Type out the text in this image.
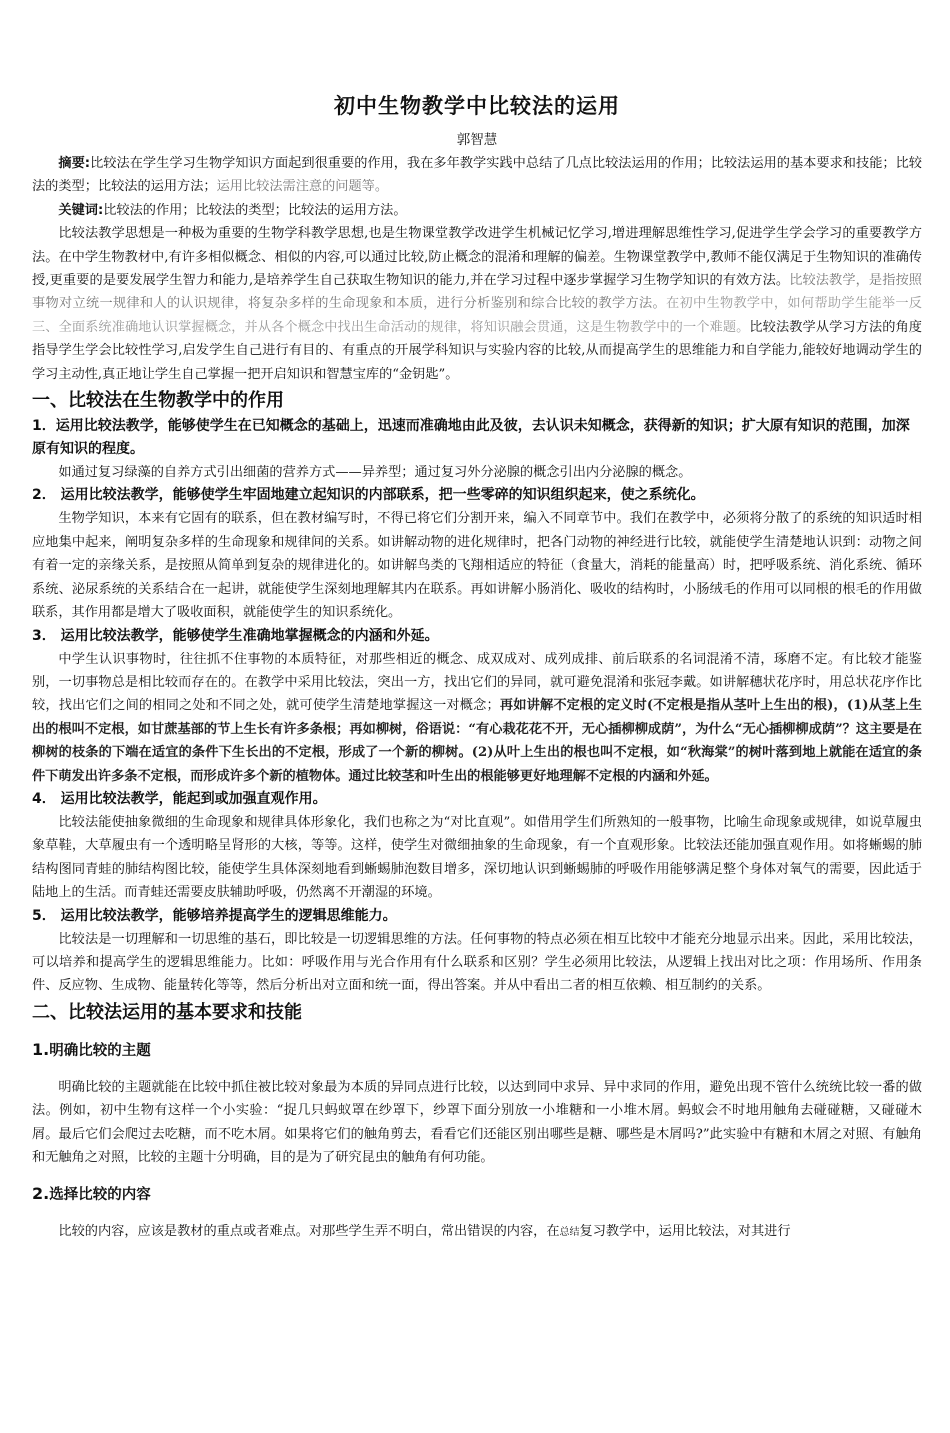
初中生物教学中比较法的运用
郭智慧

摘要:比较法在学生学习生物学知识方面起到很重要的作用，我在多年教学实践中总结了几点比较法运用的作用；比较法运用的基本要求和技能；比较法的类型；比较法的运用方法；运用比较法需注意的问题等。

关键词:比较法的作用；比较法的类型；比较法的运用方法。

比较法教学思想是一种极为重要的生物学科教学思想,也是生物课堂教学改进学生机械记忆学习,增进理解思维性学习,促进学生学会学习的重要教学方法。在中学生物教材中,有许多相似概念、相似的内容,可以通过比较,防止概念的混淆和理解的偏差。生物课堂教学中,教师不能仅满足于生物知识的准确传授,更重要的是要发展学生智力和能力,是培养学生自己获取生物知识的能力,并在学习过程中逐步掌握学习生物学知识的有效方法。比较法教学，是指按照事物对立统一规律和人的认识规律，将复杂多样的生命现象和本质，进行分析鉴别和综合比较的教学方法。在初中生物教学中，如何帮助学生能举一反三、全面系统准确地认识掌握概念，并从各个概念中找出生命活动的规律，将知识融会贯通，这是生物教学中的一个难题。比较法教学从学习方法的角度指导学生学会比较性学习,启发学生自己进行有目的、有重点的开展学科知识与实验内容的比较,从而提高学生的思维能力和自学能力,能较好地调动学生的学习主动性,真正地让学生自己掌握一把开启知识和智慧宝库的“金钥匙”。

一、比较法在生物教学中的作用
1．运用比较法教学，能够使学生在已知概念的基础上，迅速而准确地由此及彼，去认识未知概念，获得新的知识；扩大原有知识的范围，加深原有知识的程度。

如通过复习绿藻的自养方式引出细菌的营养方式——异养型；通过复习外分泌腺的概念引出内分泌腺的概念。

2． 运用比较法教学，能够使学生牢固地建立起知识的内部联系，把一些零碎的知识组织起来，使之系统化。

生物学知识，本来有它固有的联系，但在教材编写时，不得已将它们分割开来，编入不同章节中。我们在教学中，必须将分散了的系统的知识适时相应地集中起来，阐明复杂多样的生命现象和规律间的关系。如讲解动物的进化规律时，把各门动物的神经进行比较，就能使学生清楚地认识到：动物之间有着一定的亲缘关系，是按照从简单到复杂的规律进化的。如讲解鸟类的飞翔相适应的特征（食量大，消耗的能量高）时，把呼吸系统、消化系统、循环系统、泌尿系统的关系结合在一起讲，就能使学生深刻地理解其内在联系。再如讲解小肠消化、吸收的结构时，小肠绒毛的作用可以同根的根毛的作用做联系，其作用都是增大了吸收面积，就能使学生的知识系统化。

3． 运用比较法教学，能够使学生准确地掌握概念的内涵和外延。

中学生认识事物时，往往抓不住事物的本质特征，对那些相近的概念、成双成对、成列成排、前后联系的名词混淆不清，琢磨不定。有比较才能鉴别，一切事物总是相比较而存在的。在教学中采用比较法，突出一方，找出它们的异同，就可避免混淆和张冠李戴。如讲解穗状花序时，用总状花序作比较，找出它们之间的相同之处和不同之处，就可使学生清楚地掌握这一对概念；再如讲解不定根的定义时(不定根是指从茎叶上生出的根)，(1)从茎上生出的根叫不定根，如甘蔗基部的节上生长有许多条根；再如柳树，俗语说：“有心栽花花不开，无心插柳柳成荫”，为什么“无心插柳柳成荫”？这主要是在柳树的枝条的下端在适宜的条件下生长出的不定根，形成了一个新的柳树。(2)从叶上生出的根也叫不定根，如“秋海棠”的树叶落到地上就能在适宜的条件下萌发出许多条不定根，而形成许多个新的植物体。通过比较茎和叶生出的根能够更好地理解不定根的内涵和外延。

4． 运用比较法教学，能起到或加强直观作用。

比较法能使抽象微细的生命现象和规律具体形象化，我们也称之为“对比直观”。如借用学生们所熟知的一般事物，比喻生命现象或规律，如说草履虫象草鞋，大草履虫有一个透明略呈肾形的大核，等等。这样，使学生对微细抽象的生命现象，有一个直观形象。比较法还能加强直观作用。如将蜥蜴的肺结构图同青蛙的肺结构图比较，能使学生具体深刻地看到蜥蜴肺泡数目增多，深切地认识到蜥蜴肺的呼吸作用能够满足整个身体对氧气的需要，因此适于陆地上的生活。而青蛙还需要皮肤辅助呼吸，仍然离不开潮湿的环境。

5． 运用比较法教学，能够培养提高学生的逻辑思维能力。

比较法是一切理解和一切思维的基石，即比较是一切逻辑思维的方法。任何事物的特点必须在相互比较中才能充分地显示出来。因此，采用比较法，可以培养和提高学生的逻辑思维能力。比如：呼吸作用与光合作用有什么联系和区别？学生必须用比较法，从逻辑上找出对比之项：作用场所、作用条件、反应物、生成物、能量转化等等，然后分析出对立面和统一面，得出答案。并从中看出二者的相互依赖、相互制约的关系。

二、比较法运用的基本要求和技能
1.明确比较的主题

明确比较的主题就能在比较中抓住被比较对象最为本质的异同点进行比较，以达到同中求异、异中求同的作用，避免出现不管什么统统比较一番的做法。例如，初中生物有这样一个小实验：“捉几只蚂蚁罩在纱罩下，纱罩下面分别放一小堆糖和一小堆木屑。蚂蚁会不时地用触角去碰碰糖，又碰碰木屑。最后它们会爬过去吃糖，而不吃木屑。如果将它们的触角剪去，看看它们还能区别出哪些是糖、哪些是木屑吗?”此实验中有糖和木屑之对照、有触角和无触角之对照，比较的主题十分明确，目的是为了研究昆虫的触角有何功能。

2.选择比较的内容

比较的内容，应该是教材的重点或者难点。对那些学生弄不明白，常出错误的内容，在总结复习教学中，运用比较法，对其进行
